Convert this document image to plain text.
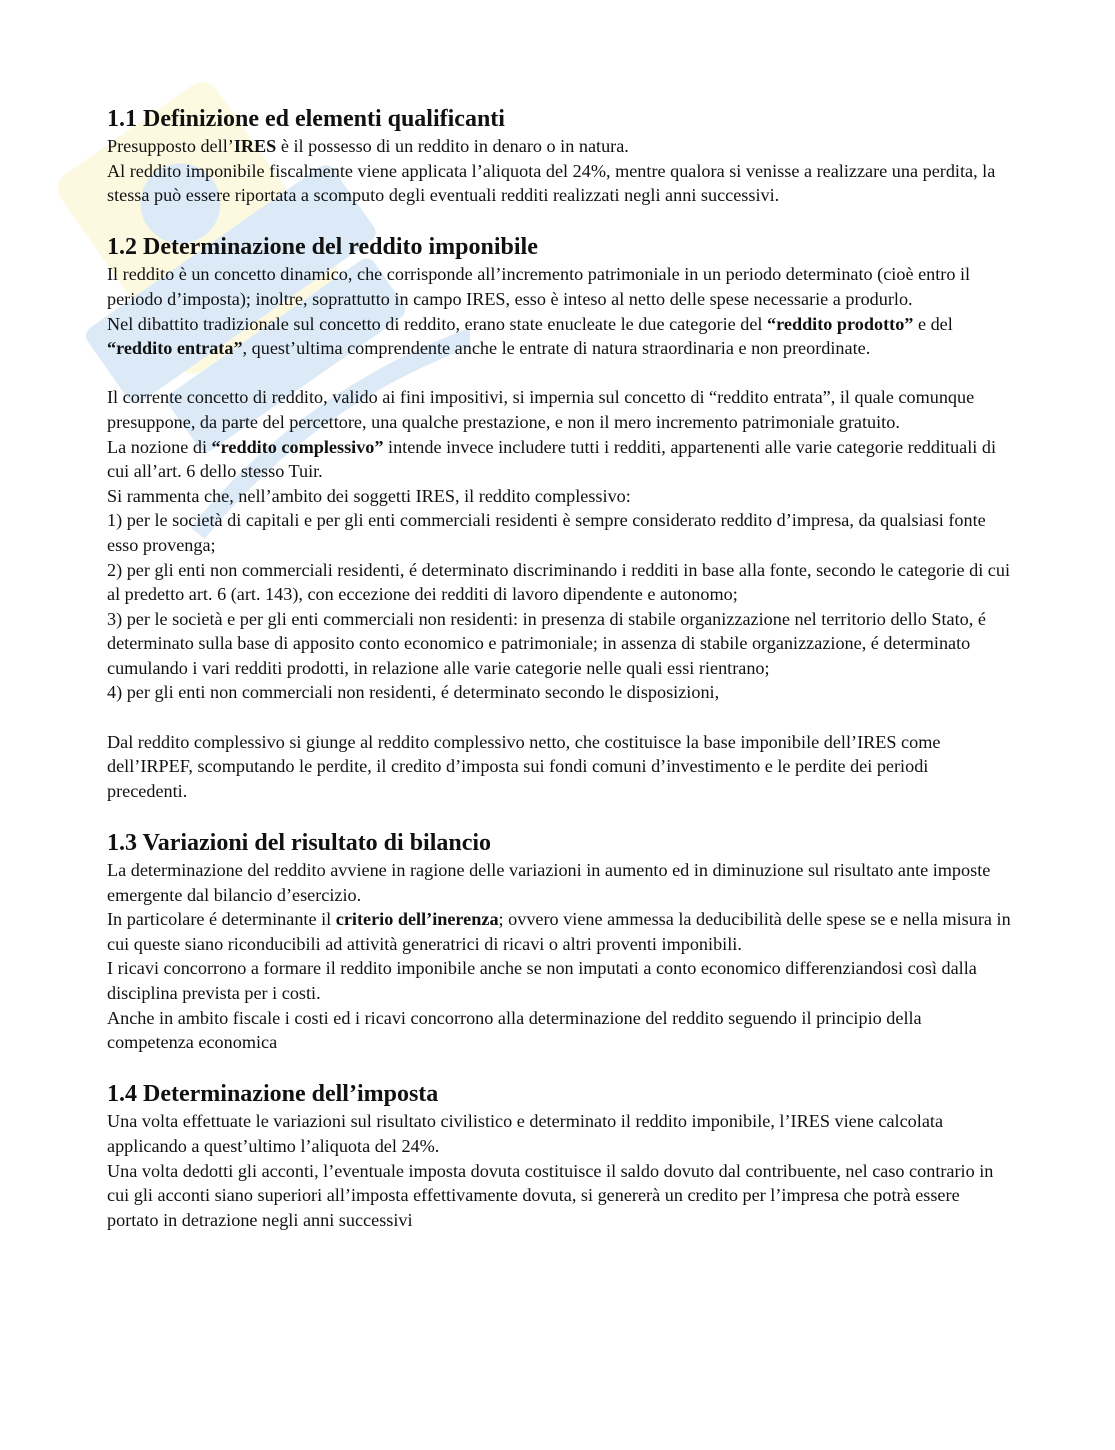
1.1 Definizione ed elementi qualificanti

Presupposto dell’IRES è il possesso di un reddito in denaro o in natura.

Al reddito imponibile fiscalmente viene applicata l’aliquota del 24%, mentre qualora si venisse a realizzare una perdita, la stessa può essere riportata a scomputo degli eventuali redditi realizzati negli anni successivi.

1.2 Determinazione del reddito imponibile

Il reddito è un concetto dinamico, che corrisponde all’incremento patrimoniale in un periodo determinato (cioè entro il periodo d’imposta); inoltre, soprattutto in campo IRES, esso è inteso al netto delle spese necessarie a produrlo.

Nel dibattito tradizionale sul concetto di reddito, erano state enucleate le due categorie del “reddito prodotto” e del “reddito entrata”, quest’ultima comprendente anche le entrate di natura straordinaria e non preordinate.

Il corrente concetto di reddito, valido ai fini impositivi, si impernia sul concetto di “reddito entrata”, il quale comunque presuppone, da parte del percettore, una qualche prestazione, e non il mero incremento patrimoniale gratuito.

La nozione di “reddito complessivo” intende invece includere tutti i redditi, appartenenti alle varie categorie reddituali di cui all’art. 6 dello stesso Tuir.

Si rammenta che, nell’ambito dei soggetti IRES, il reddito complessivo:

1) per le società di capitali e per gli enti commerciali residenti è sempre considerato reddito d’impresa, da qualsiasi fonte esso provenga;

2) per gli enti non commerciali residenti, é determinato discriminando i redditi in base alla fonte, secondo le categorie di cui al predetto art. 6 (art. 143), con eccezione dei redditi di lavoro dipendente e autonomo;

3) per le società e per gli enti commerciali non residenti: in presenza di stabile organizzazione nel territorio dello Stato, é determinato sulla base di apposito conto economico e patrimoniale; in assenza di stabile organizzazione, é determinato cumulando i vari redditi prodotti, in relazione alle varie categorie nelle quali essi rientrano;

4) per gli enti non commerciali non residenti, é determinato secondo le disposizioni,

Dal reddito complessivo si giunge al reddito complessivo netto, che costituisce la base imponibile dell’IRES come dell’IRPEF, scomputando le perdite, il credito d’imposta sui fondi comuni d’investimento e le perdite dei periodi precedenti.

1.3 Variazioni del risultato di bilancio

La determinazione del reddito avviene in ragione delle variazioni in aumento ed in diminuzione sul risultato ante imposte emergente dal bilancio d’esercizio.

In particolare é determinante il criterio dell’inerenza; ovvero viene ammessa la deducibilità delle spese se e nella misura in cui queste siano riconducibili ad attività generatrici di ricavi o altri proventi imponibili.

I ricavi concorrono a formare il reddito imponibile anche se non imputati a conto economico differenziandosi così dalla disciplina prevista per i costi.

Anche in ambito fiscale i costi ed i ricavi concorrono alla determinazione del reddito seguendo il principio della competenza economica

1.4 Determinazione dell’imposta

Una volta effettuate le variazioni sul risultato civilistico e determinato il reddito imponibile, l’IRES viene calcolata applicando a quest’ultimo l’aliquota del 24%.

Una volta dedotti gli acconti, l’eventuale imposta dovuta costituisce il saldo dovuto dal contribuente, nel caso contrario in cui gli acconti siano superiori all’imposta effettivamente dovuta, si genererà un credito per l’impresa che potrà essere portato in detrazione negli anni successivi
